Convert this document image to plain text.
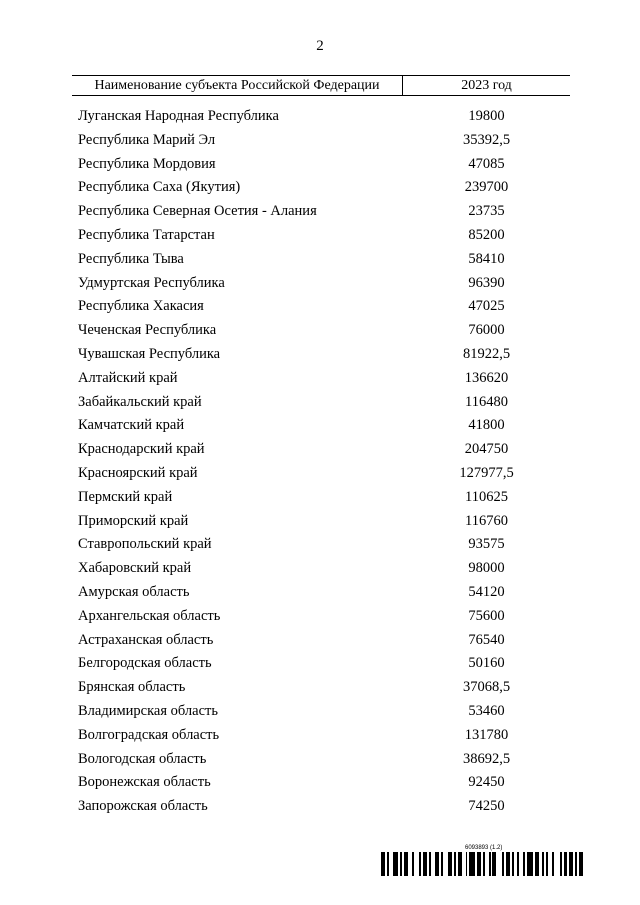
2
Наименование субъекта Российской Федерации	2023 год
Луганская Народная Республика	19800
Республика Марий Эл	35392,5
Республика Мордовия	47085
Республика Саха (Якутия)	239700
Республика Северная Осетия - Алания	23735
Республика Татарстан	85200
Республика Тыва	58410
Удмуртская Республика	96390
Республика Хакасия	47025
Чеченская Республика	76000
Чувашская Республика	81922,5
Алтайский край	136620
Забайкальский край	116480
Камчатский край	41800
Краснодарский край	204750
Красноярский край	127977,5
Пермский край	110625
Приморский край	116760
Ставропольский край	93575
Хабаровский край	98000
Амурская область	54120
Архангельская область	75600
Астраханская область	76540
Белгородская область	50160
Брянская область	37068,5
Владимирская область	53460
Волгоградская область	131780
Вологодская область	38692,5
Воронежская область	92450
Запорожская область	74250
6093893 (1.2)
